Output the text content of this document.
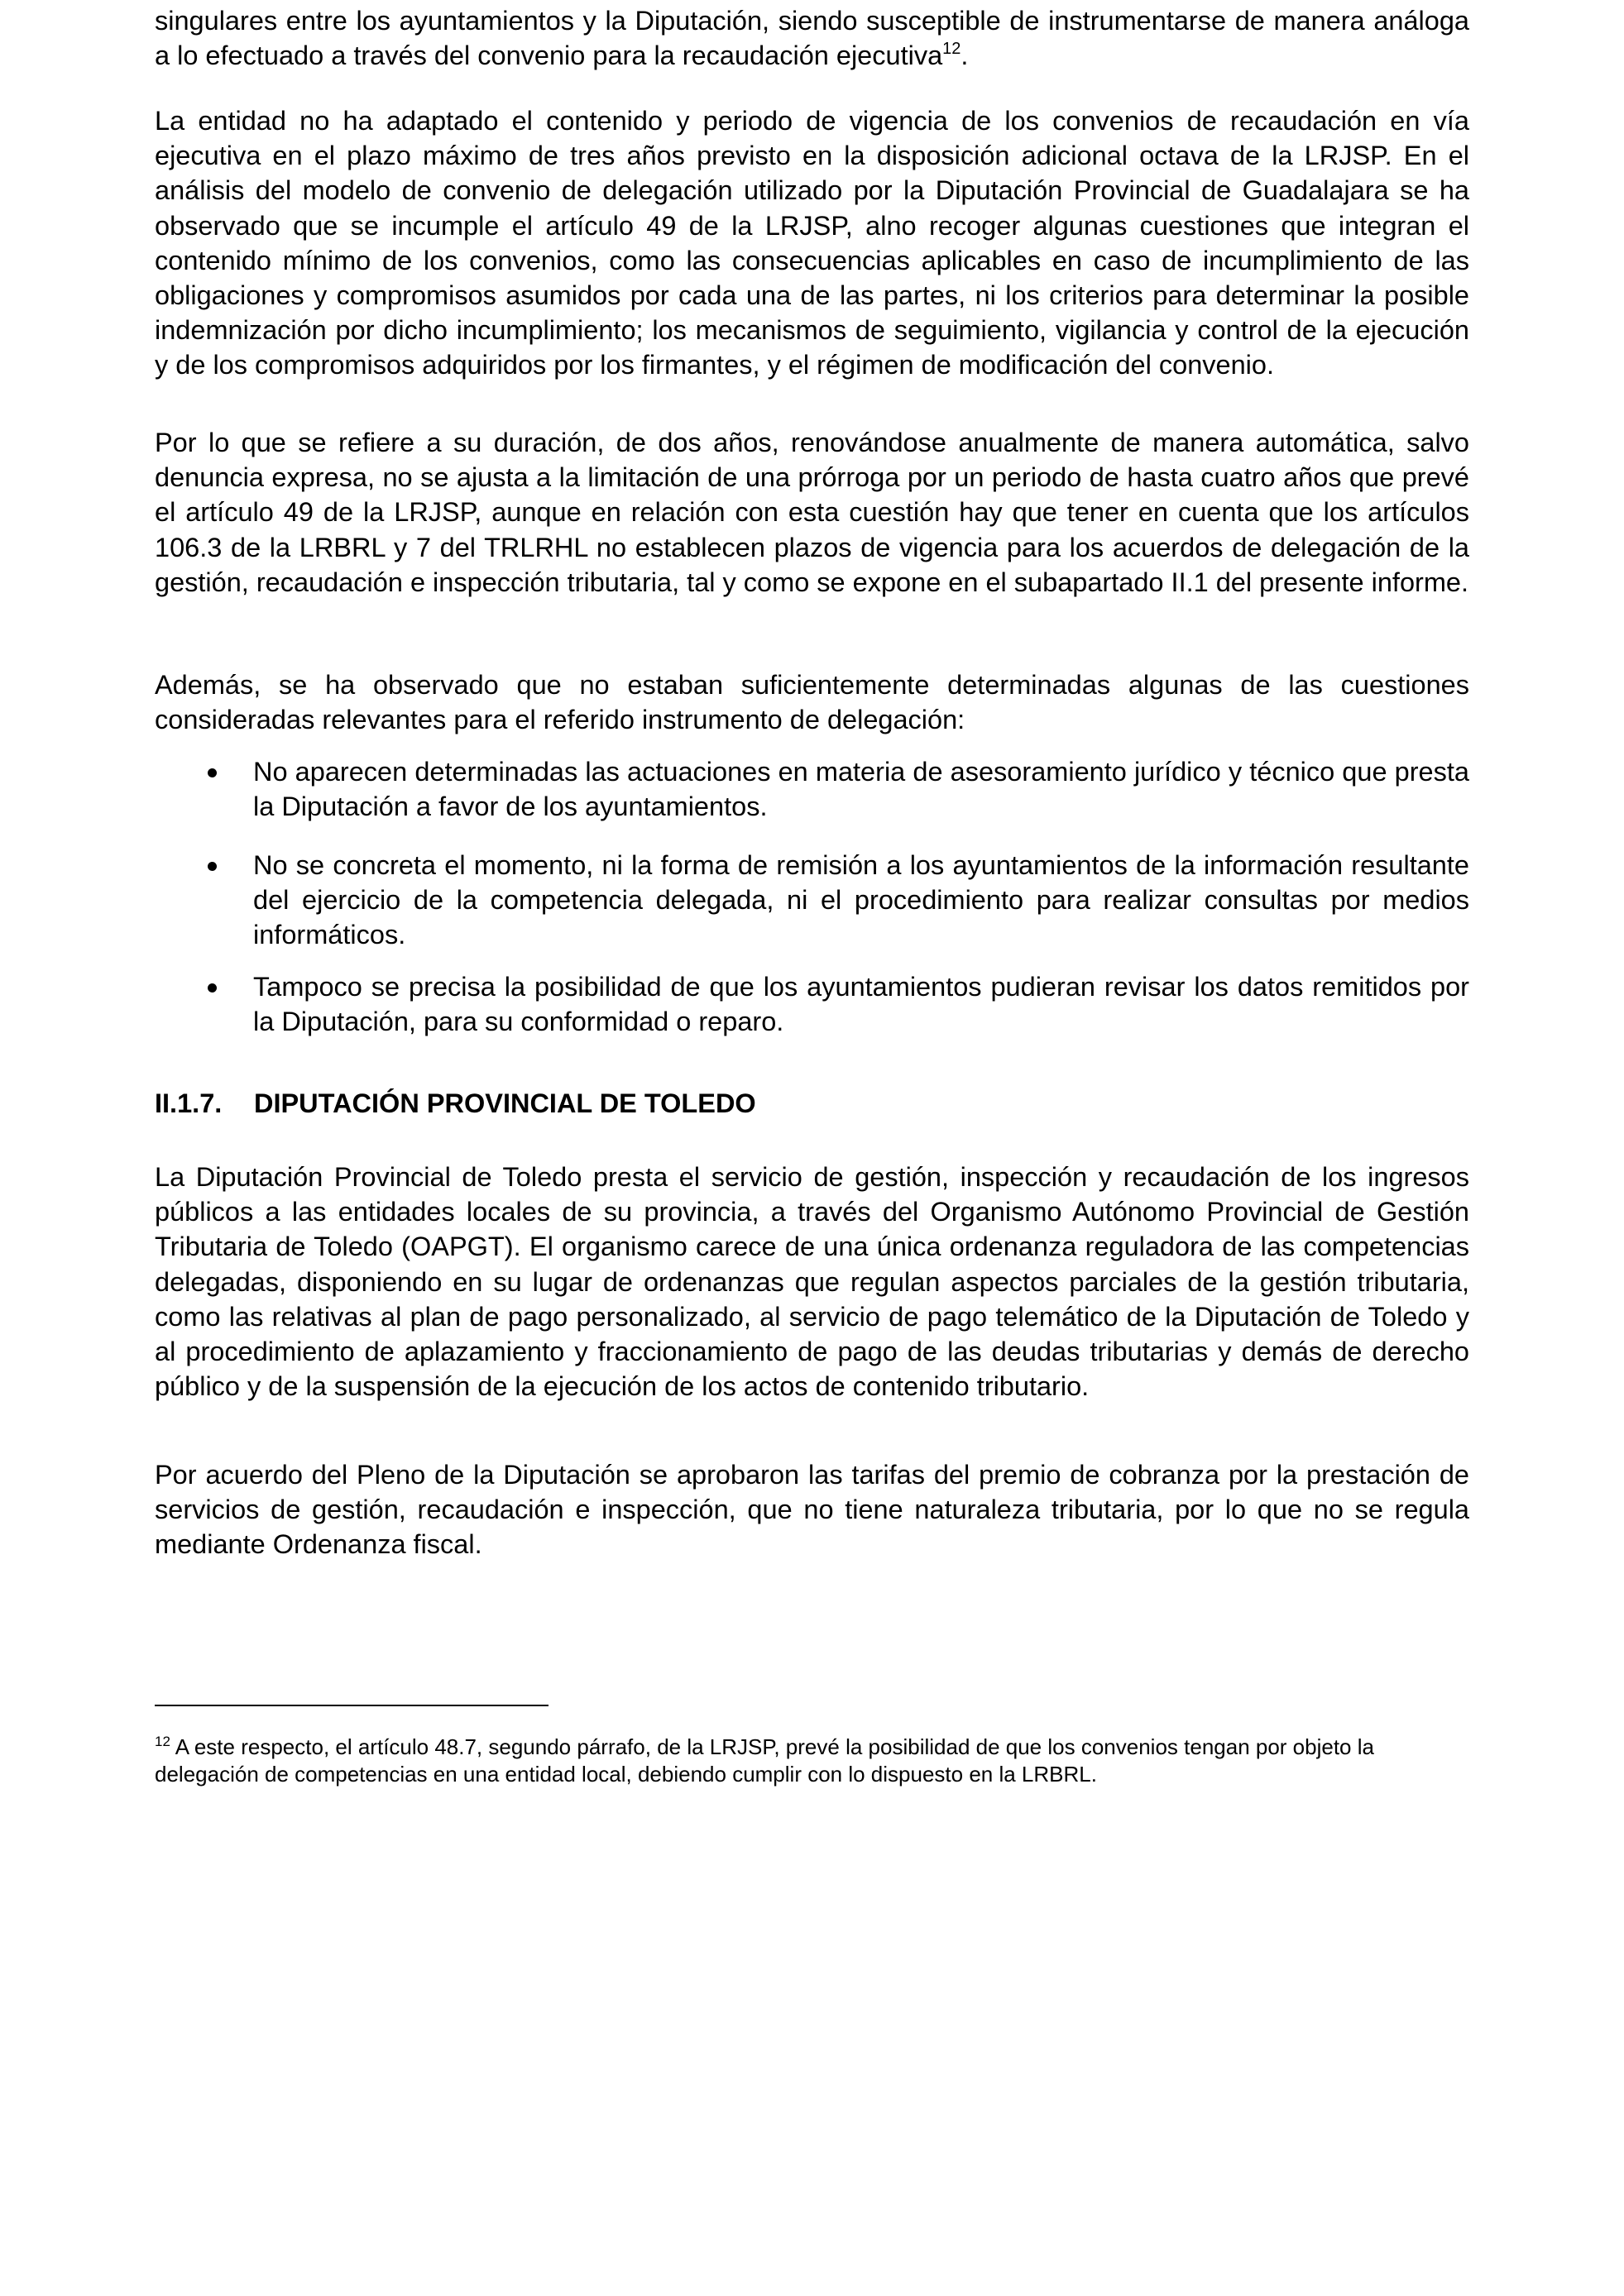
singulares entre los ayuntamientos y la Diputación, siendo susceptible de instrumentarse de manera análoga a lo efectuado a través del convenio para la recaudación ejecutiva$^{12}$.

La entidad no ha adaptado el contenido y periodo de vigencia de los convenios de recaudación en vía ejecutiva en el plazo máximo de tres años previsto en la disposición adicional octava de la LRJSP. En el análisis del modelo de convenio de delegación utilizado por la Diputación Provincial de Guadalajara se ha observado que se incumple el artículo 49 de la LRJSP, alno recoger algunas cuestiones que integran el contenido mínimo de los convenios, como las consecuencias aplicables en caso de incumplimiento de las obligaciones y compromisos asumidos por cada una de las partes, ni los criterios para determinar la posible indemnización por dicho incumplimiento; los mecanismos de seguimiento, vigilancia y control de la ejecución y de los compromisos adquiridos por los firmantes, y el régimen de modificación del convenio.

Por lo que se refiere a su duración, de dos años, renovándose anualmente de manera automática, salvo denuncia expresa, no se ajusta a la limitación de una prórroga por un periodo de hasta cuatro años que prevé el artículo 49 de la LRJSP, aunque en relación con esta cuestión hay que tener en cuenta que los artículos 106.3 de la LRBRL y 7 del TRLRHL no establecen plazos de vigencia para los acuerdos de delegación de la gestión, recaudación e inspección tributaria, tal y como se expone en el subapartado II.1 del presente informe.

Además, se ha observado que no estaban suficientemente determinadas algunas de las cuestiones consideradas relevantes para el referido instrumento de delegación:

No aparecen determinadas las actuaciones en materia de asesoramiento jurídico y técnico que presta la Diputación a favor de los ayuntamientos.
No se concreta el momento, ni la forma de remisión a los ayuntamientos de la información resultante del ejercicio de la competencia delegada, ni el procedimiento para realizar consultas por medios informáticos.
Tampoco se precisa la posibilidad de que los ayuntamientos pudieran revisar los datos remitidos por la Diputación, para su conformidad o reparo.
II.1.7.	DIPUTACIÓN PROVINCIAL DE TOLEDO

La Diputación Provincial de Toledo presta el servicio de gestión, inspección y recaudación de los ingresos públicos a las entidades locales de su provincia, a través del Organismo Autónomo Provincial de Gestión Tributaria de Toledo (OAPGT). El organismo carece de una única ordenanza reguladora de las competencias delegadas, disponiendo en su lugar de ordenanzas que regulan aspectos parciales de la gestión tributaria, como las relativas al plan de pago personalizado, al servicio de pago telemático de la Diputación de Toledo y al procedimiento de aplazamiento y fraccionamiento de pago de las deudas tributarias y demás de derecho público y de la suspensión de la ejecución de los actos de contenido tributario.

Por acuerdo del Pleno de la Diputación se aprobaron las tarifas del premio de cobranza por la prestación de servicios de gestión, recaudación e inspección, que no tiene naturaleza tributaria, por lo que no se regula mediante Ordenanza fiscal.

$^{12}$ A este respecto, el artículo 48.7, segundo párrafo, de la LRJSP, prevé la posibilidad de que los convenios tengan por objeto la delegación de competencias en una entidad local, debiendo cumplir con lo dispuesto en la LRBRL.
